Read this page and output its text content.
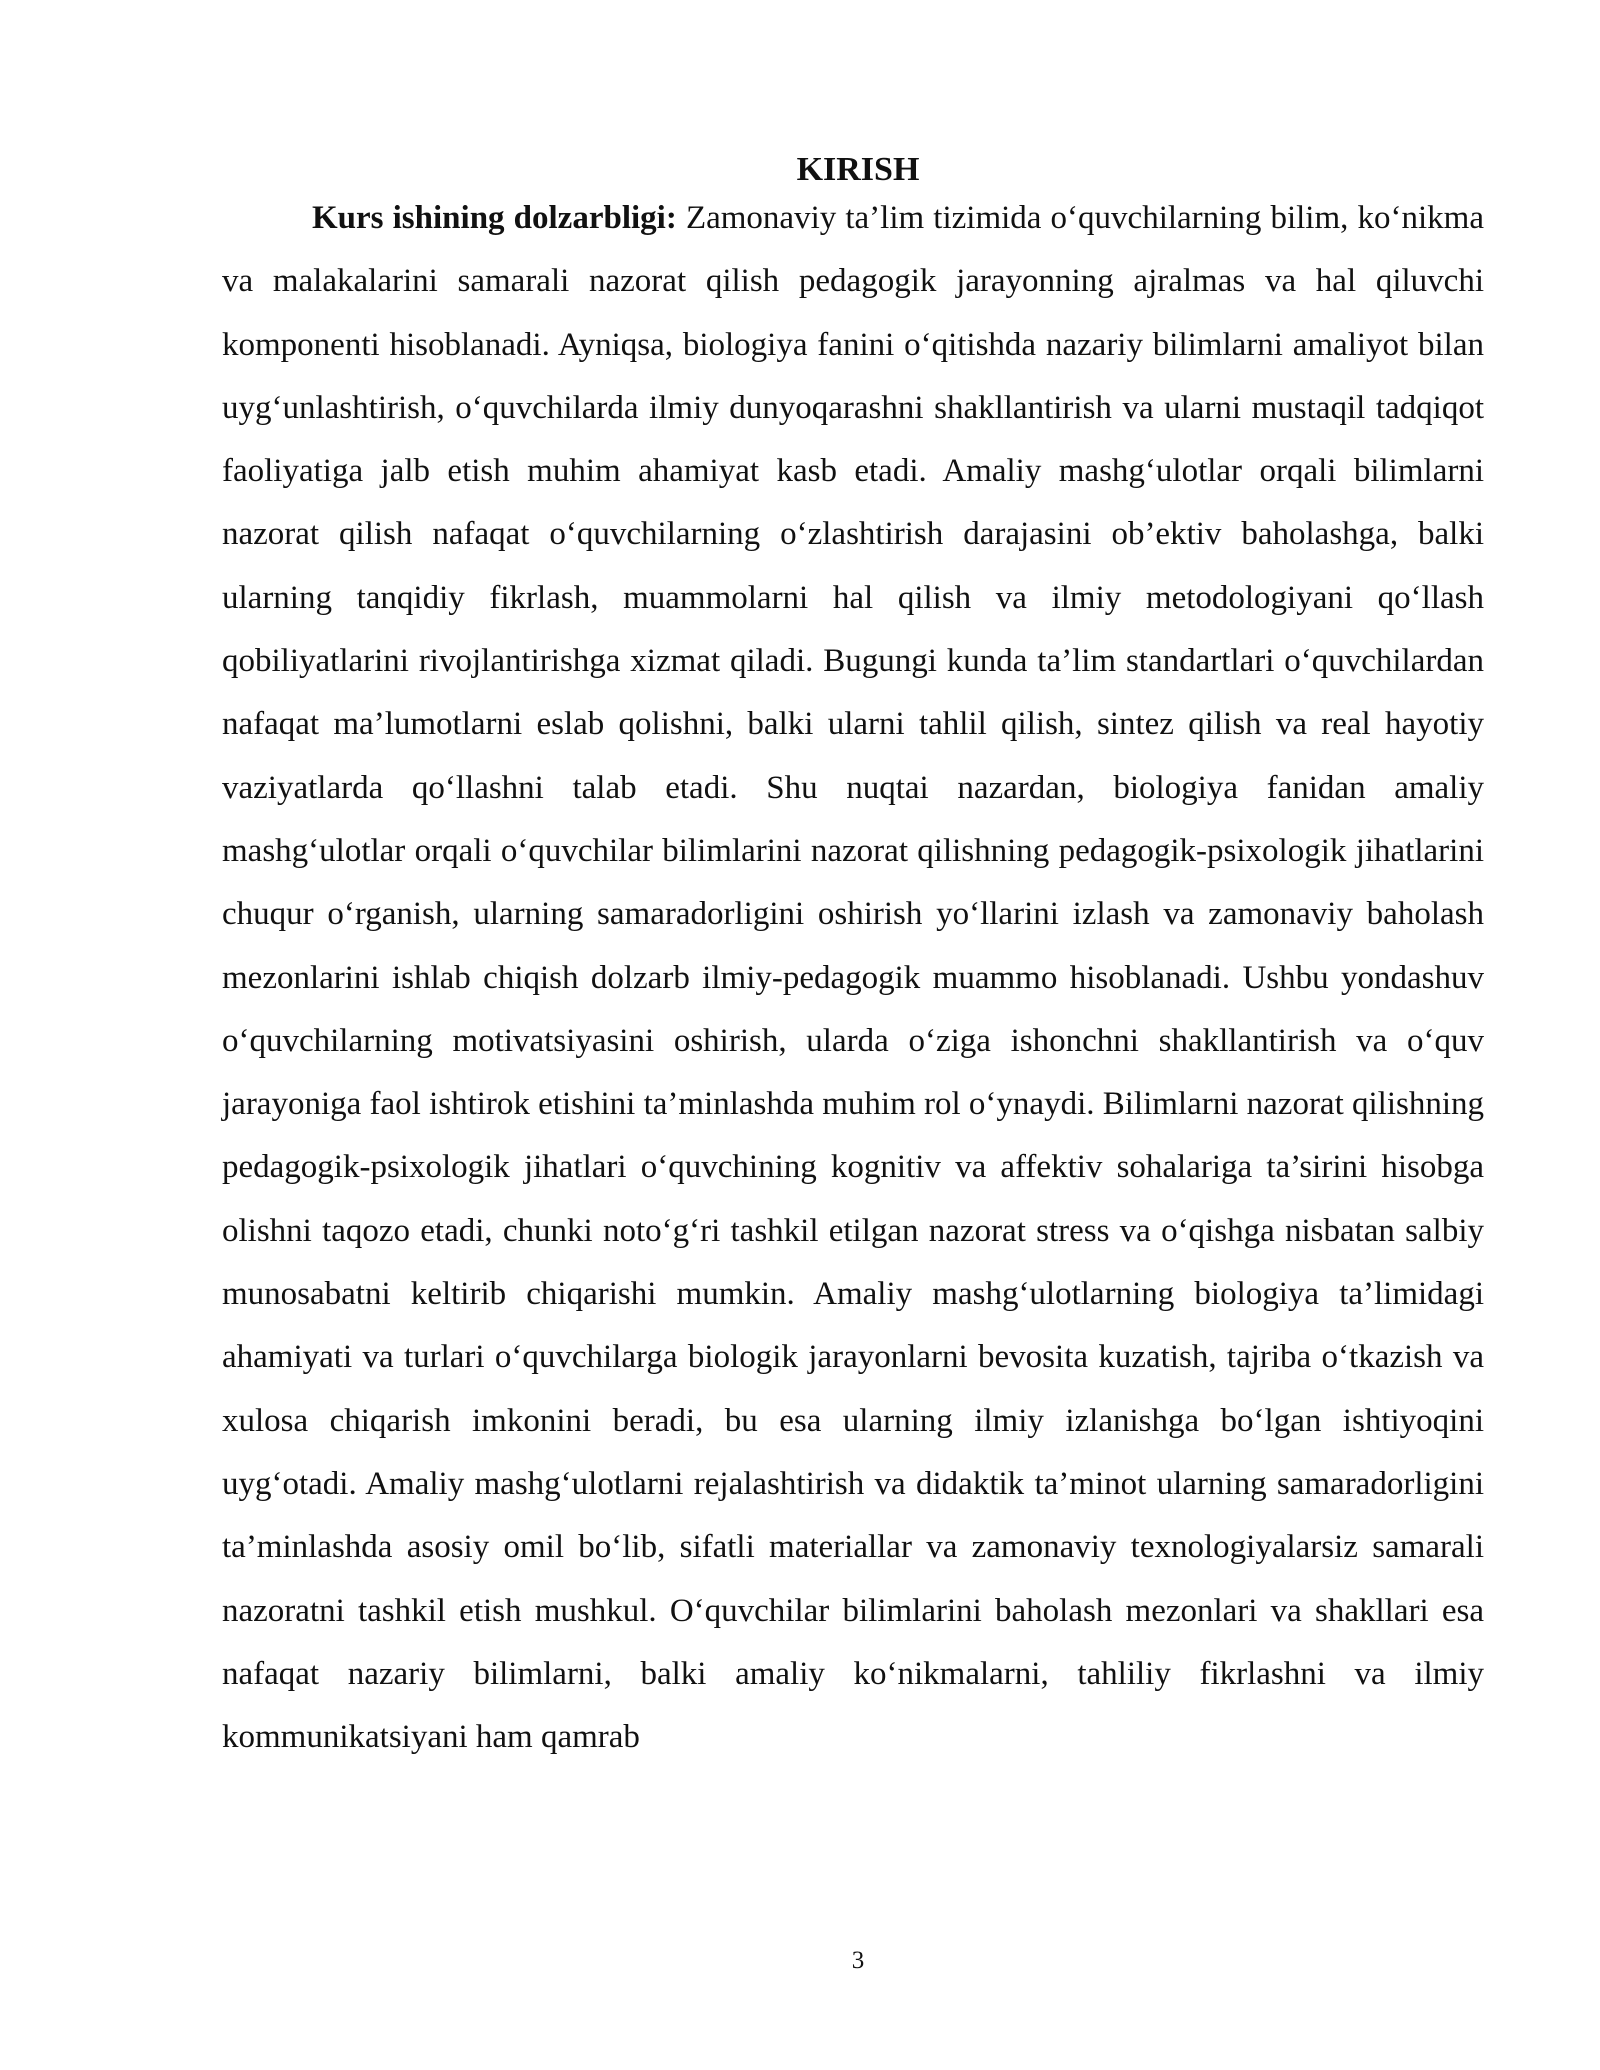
KIRISH

Kurs ishining dolzarbligi: Zamonaviy ta’lim tizimida o‘quvchilarning bilim, ko‘nikma va malakalarini samarali nazorat qilish pedagogik jarayonning ajralmas va hal qiluvchi komponenti hisoblanadi. Ayniqsa, biologiya fanini o‘qitishda nazariy bilimlarni amaliyot bilan uyg‘unlashtirish, o‘quvchilarda ilmiy dunyoqarashni shakllantirish va ularni mustaqil tadqiqot faoliyatiga jalb etish muhim ahamiyat kasb etadi. Amaliy mashg‘ulotlar orqali bilimlarni nazorat qilish nafaqat o‘quvchilarning o‘zlashtirish darajasini ob’ektiv baholashga, balki ularning tanqidiy fikrlash, muammolarni hal qilish va ilmiy metodologiyani qo‘llash qobiliyatlarini rivojlantirishga xizmat qiladi. Bugungi kunda ta’lim standartlari o‘quvchilardan nafaqat ma’lumotlarni eslab qolishni, balki ularni tahlil qilish, sintez qilish va real hayotiy vaziyatlarda qo‘llashni talab etadi. Shu nuqtai nazardan, biologiya fanidan amaliy mashg‘ulotlar orqali o‘quvchilar bilimlarini nazorat qilishning pedagogik-psixologik jihatlarini chuqur o‘rganish, ularning samaradorligini oshirish yo‘llarini izlash va zamonaviy baholash mezonlarini ishlab chiqish dolzarb ilmiy-pedagogik muammo hisoblanadi. Ushbu yondashuv o‘quvchilarning motivatsiyasini oshirish, ularda o‘ziga ishonchni shakllantirish va o‘quv jarayoniga faol ishtirok etishini ta’minlashda muhim rol o‘ynaydi. Bilimlarni nazorat qilishning pedagogik-psixologik jihatlari o‘quvchining kognitiv va affektiv sohalariga ta’sirini hisobga olishni taqozo etadi, chunki noto‘g‘ri tashkil etilgan nazorat stress va o‘qishga nisbatan salbiy munosabatni keltirib chiqarishi mumkin. Amaliy mashg‘ulotlarning biologiya ta’limidagi ahamiyati va turlari o‘quvchilarga biologik jarayonlarni bevosita kuzatish, tajriba o‘tkazish va xulosa chiqarish imkonini beradi, bu esa ularning ilmiy izlanishga bo‘lgan ishtiyoqini uyg‘otadi. Amaliy mashg‘ulotlarni rejalashtirish va didaktik ta’minot ularning samaradorligini ta’minlashda asosiy omil bo‘lib, sifatli materiallar va zamonaviy texnologiyalarsiz samarali nazoratni tashkil etish mushkul. O‘quvchilar bilimlarini baholash mezonlari va shakllari esa nafaqat nazariy bilimlarni, balki amaliy ko‘nikmalarni, tahliliy fikrlashni va ilmiy kommunikatsiyani ham qamrab

3
